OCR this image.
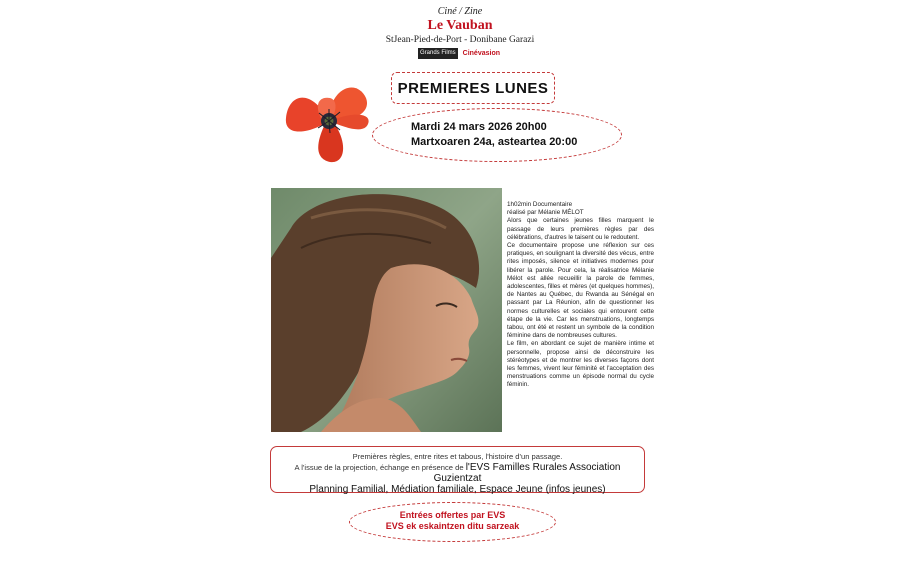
Ciné / Zine
Le Vauban
StJean-Pied-de-Port - Donibane Garazi
Grands Films Cinévasion
PREMIERES LUNES
Mardi 24 mars 2026 20h00
Martxoaren 24a, asteartea 20:00

1h02min Documentaire

réalisé par Mélanie MÉLOT

Alors que certaines jeunes filles marquent le passage de leurs premières règles par des célébrations, d'autres le taisent ou le redoutent.

Ce documentaire propose une réflexion sur ces pratiques, en soulignant la diversité des vécus, entre rites imposés, silence et initiatives modernes pour libérer la parole. Pour cela, la réalisatrice Mélanie Mélot est allée recueillir la parole de femmes, adolescentes, filles et mères (et quelques hommes), de Nantes au Québec, du Rwanda au Sénégal en passant par La Réunion, afin de questionner les normes culturelles et sociales qui entourent cette étape de la vie. Car les menstruations, longtemps tabou, ont été et restent un symbole de la condition féminine dans de nombreuses cultures.

Le film, en abordant ce sujet de manière intime et personnelle, propose ainsi de déconstruire les stéréotypes et de montrer les diverses façons dont les femmes, vivent leur féminité et l'acceptation des menstruations comme un épisode normal du cycle féminin.

Premières règles, entre rites et tabous, l'histoire d'un passage.
A l'issue de la projection, échange en présence de l'EVS Familles Rurales Association Guzientzat
Planning Familial, Médiation familiale, Espace Jeune (infos jeunes)
Entrées offertes par EVS
EVS ek eskaintzen ditu sarzeak
